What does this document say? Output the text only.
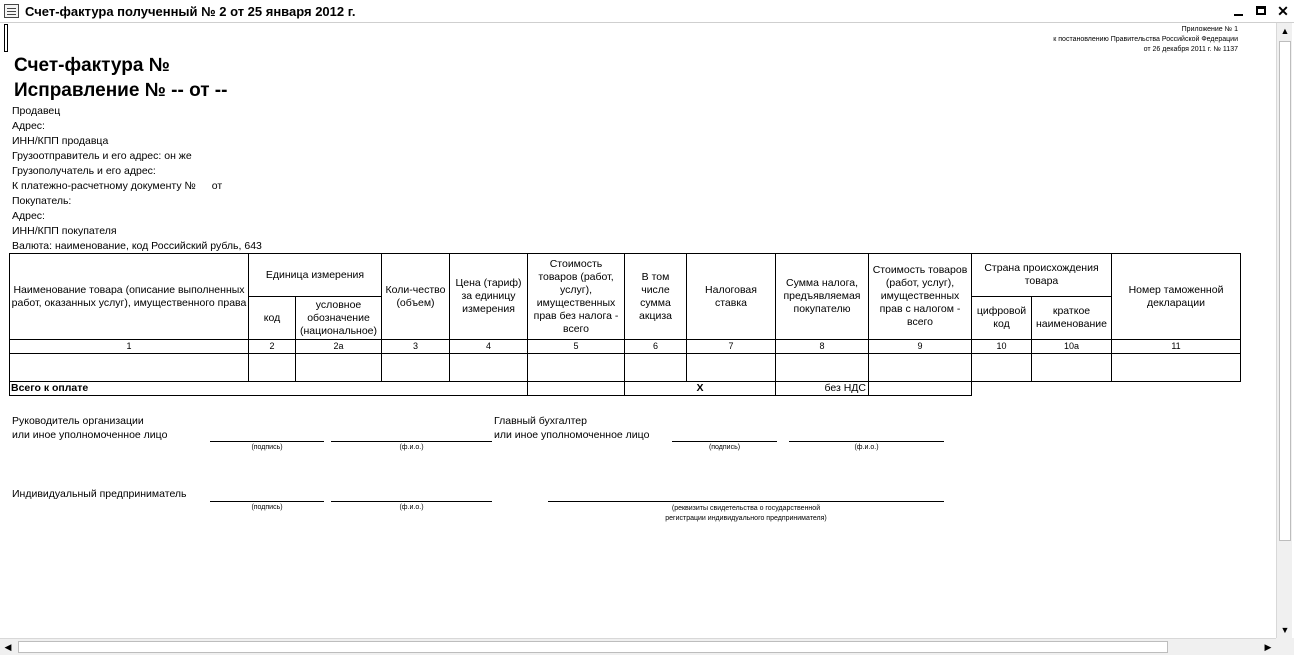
Счет-фактура полученный № 2 от 25 января 2012 г.	✕
Приложение № 1
к постановлению Правительства Российской Федерации
от 26 декабря 2011 г. № 1137
Счет-фактура №
Исправление № -- от --
Продавец
Адрес:
ИНН/КПП продавца
Грузоотправитель и его адрес: он же
Грузополучатель и его адрес:
К платежно-расчетному документу № от
Покупатель:
Адрес:
ИНН/КПП покупателя
Валюта: наименование, код Российский рубль, 643
Наименование товара (описание выполненных работ, оказанных услуг), имущественного права	Единица измерения		Коли-чество (объем)	Цена (тариф) за единицу измерения	Стоимость товаров (работ, услуг), имущественных прав без налога - всего	В том числе сумма акциза	Налоговая ставка	Сумма налога, предъявляемая покупателю	Стоимость товаров (работ, услуг), имущественных прав с налогом - всего	Страна происхождения товара		Номер таможенной декларации
	код	условное обозначение (национальное)								цифровой код	краткое наименование	
1	2	2а	3	4	5	6	7	8	9	10	10а	11

Всего к оплате						Х		без НДС				
Руководитель организации
или иное уполномоченное лицо
(подпись)	(ф.и.о.)
Главный бухгалтер
или иное уполномоченное лицо
(подпись)	(ф.и.о.)
Индивидуальный предприниматель
(подпись)	(ф.и.о.)	(реквизиты свидетельства о государственной
регистрации индивидуального предпринимателя)
▲
▼
◀	▶
